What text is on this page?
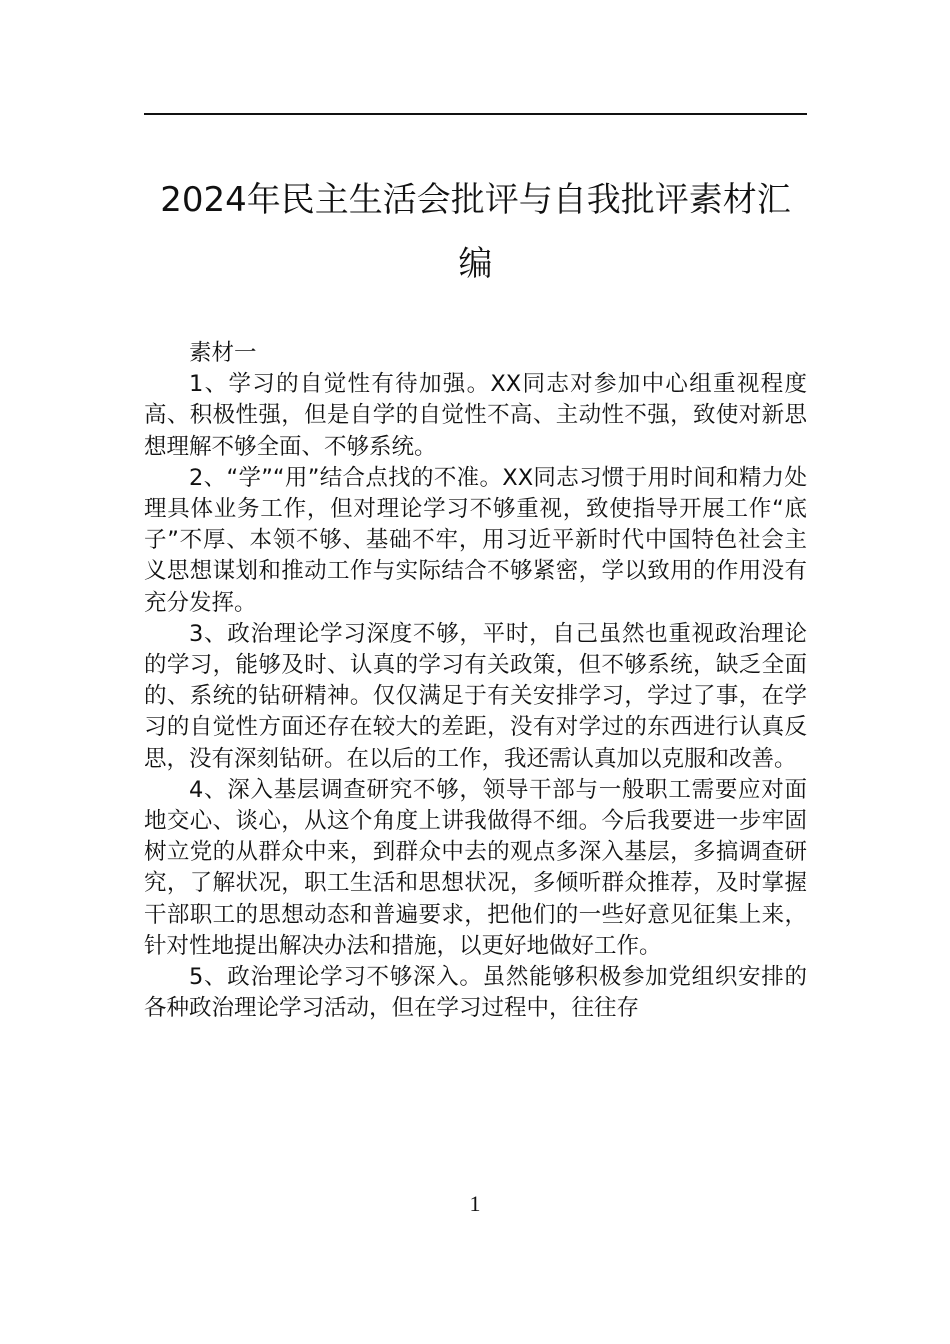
2024年民主生活会批评与自我批评素材汇编

素材一

1、学习的自觉性有待加强。XX同志对参加中心组重视程度高、积极性强，但是自学的自觉性不高、主动性不强，致使对新思想理解不够全面、不够系统。

2、“学”“用”结合点找的不准。XX同志习惯于用时间和精力处理具体业务工作，但对理论学习不够重视，致使指导开展工作“底子”不厚、本领不够、基础不牢，用习近平新时代中国特色社会主义思想谋划和推动工作与实际结合不够紧密，学以致用的作用没有充分发挥。

3、政治理论学习深度不够，平时，自己虽然也重视政治理论的学习，能够及时、认真的学习有关政策，但不够系统，缺乏全面的、系统的钻研精神。仅仅满足于有关安排学习，学过了事，在学习的自觉性方面还存在较大的差距，没有对学过的东西进行认真反思，没有深刻钻研。在以后的工作，我还需认真加以克服和改善。

4、深入基层调查研究不够，领导干部与一般职工需要应对面地交心、谈心，从这个角度上讲我做得不细。今后我要进一步牢固树立党的从群众中来，到群众中去的观点多深入基层，多搞调查研究，了解状况，职工生活和思想状况，多倾听群众推荐，及时掌握干部职工的思想动态和普遍要求，把他们的一些好意见征集上来，针对性地提出解决办法和措施，以更好地做好工作。

5、政治理论学习不够深入。虽然能够积极参加党组织安排的各种政治理论学习活动，但在学习过程中，往往存

1
